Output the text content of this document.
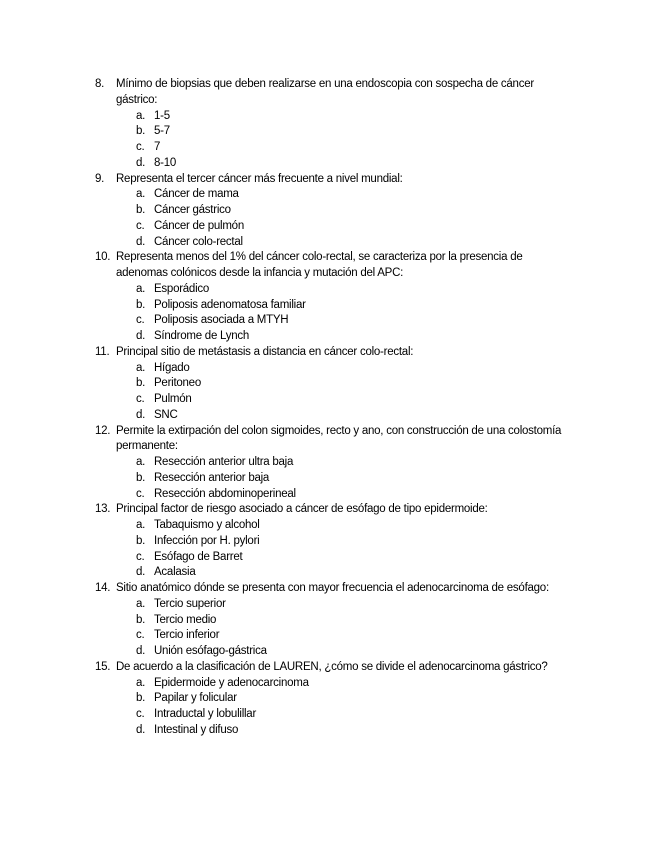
8.	Mínimo de biopsias que deben realizarse en una endoscopia con sospecha de cáncer gástrico:
a. 1-5
b. 5-7
c. 7
d. 8-10
9.	Representa el tercer cáncer más frecuente a nivel mundial:
a. Cáncer de mama
b. Cáncer gástrico
c. Cáncer de pulmón
d. Cáncer colo-rectal
10. Representa menos del 1% del cáncer colo-rectal, se caracteriza por la presencia de adenomas colónicos desde la infancia y mutación del APC:
a. Esporádico
b. Poliposis adenomatosa familiar
c. Poliposis asociada a MTYH
d. Síndrome de Lynch
11. Principal sitio de metástasis a distancia en cáncer colo-rectal:
a. Hígado
b. Peritoneo
c. Pulmón
d. SNC
12. Permite la extirpación del colon sigmoides, recto y ano, con construcción de una colostomía permanente:
a. Resección anterior ultra baja
b. Resección anterior baja
c. Resección abdominoperineal
13. Principal factor de riesgo asociado a cáncer de esófago de tipo epidermoide:
a. Tabaquismo y alcohol
b. Infección por H. pylori
c. Esófago de Barret
d. Acalasia
14. Sitio anatómico dónde se presenta con mayor frecuencia el adenocarcinoma de esófago:
a. Tercio superior
b. Tercio medio
c. Tercio inferior
d. Unión esófago-gástrica
15. De acuerdo a la clasificación de LAUREN, ¿cómo se divide el adenocarcinoma gástrico?
a. Epidermoide y adenocarcinoma
b. Papilar y folicular
c. Intraductal y lobulillar
d. Intestinal y difuso
